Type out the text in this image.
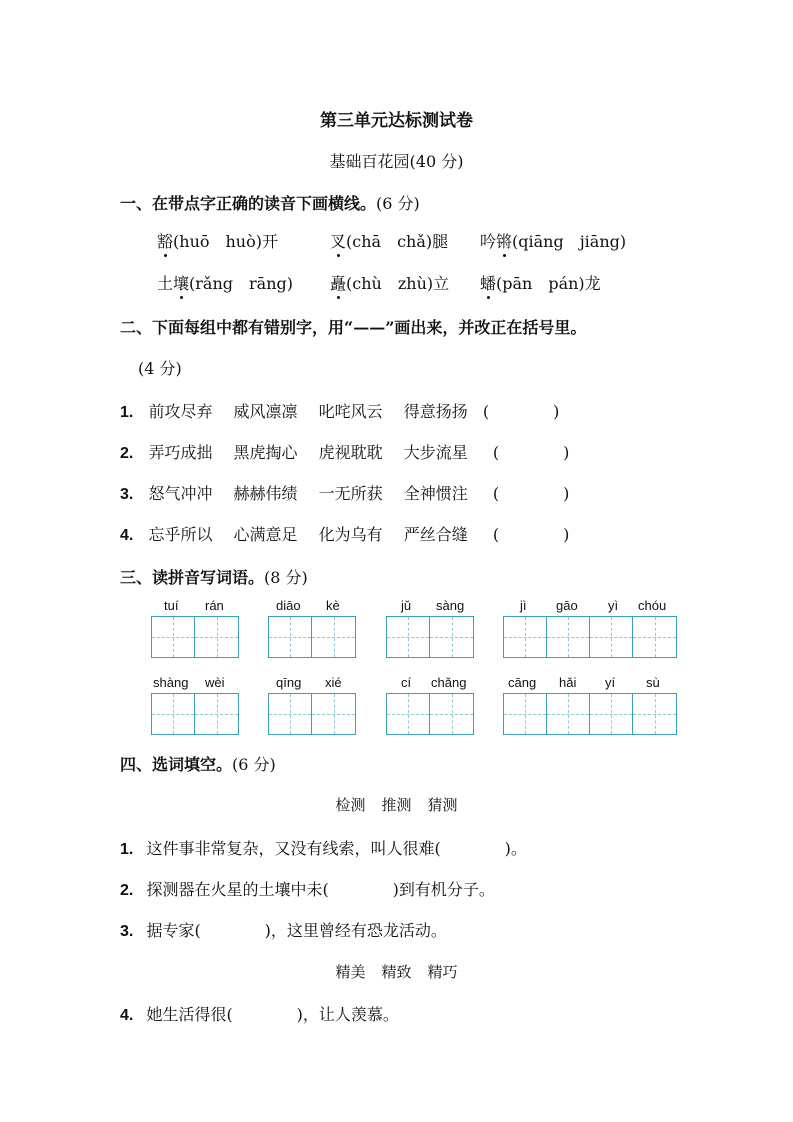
第三单元达标测试卷
基础百花园(40 分)
一、在带点字正确的读音下画横线。(6 分)
豁(huō　huò)开	叉(chā　chǎ)腿 吟锵(qiāng　jiāng)
土壤(rǎng　rāng) 矗(chù　zhù)立 蟠(pān　pán)龙
二、下面每组中都有错别字，用“——”画出来，并改正在括号里。
(4 分)
1. 前攻尽弃 威风凛凛 叱咤风云 得意扬扬 (　　　　)
2. 弄巧成拙 黑虎掏心 虎视耽耽 大步流星 (　　　　)
3. 怒气冲冲 赫赫伟绩 一无所获 全神惯注 (　　　　)
4. 忘乎所以 心满意足 化为乌有 严丝合缝 (　　　　)
三、读拼音写词语。(8 分)
tuí rán	diāo kè	jǔ sàng	jì gāo yì chóu
shàng wèi	qīng xié	cí chǎng	cāng hǎi yí sù
四、选词填空。(6 分)
检测 推测 猜测
1. 这件事非常复杂，又没有线索，叫人很难(　　　　)。
2. 探测器在火星的土壤中未(　　　　)到有机分子。
3. 据专家(　　　　)，这里曾经有恐龙活动。
精美 精致 精巧
4. 她生活得很(　　　　)，让人羡慕。
